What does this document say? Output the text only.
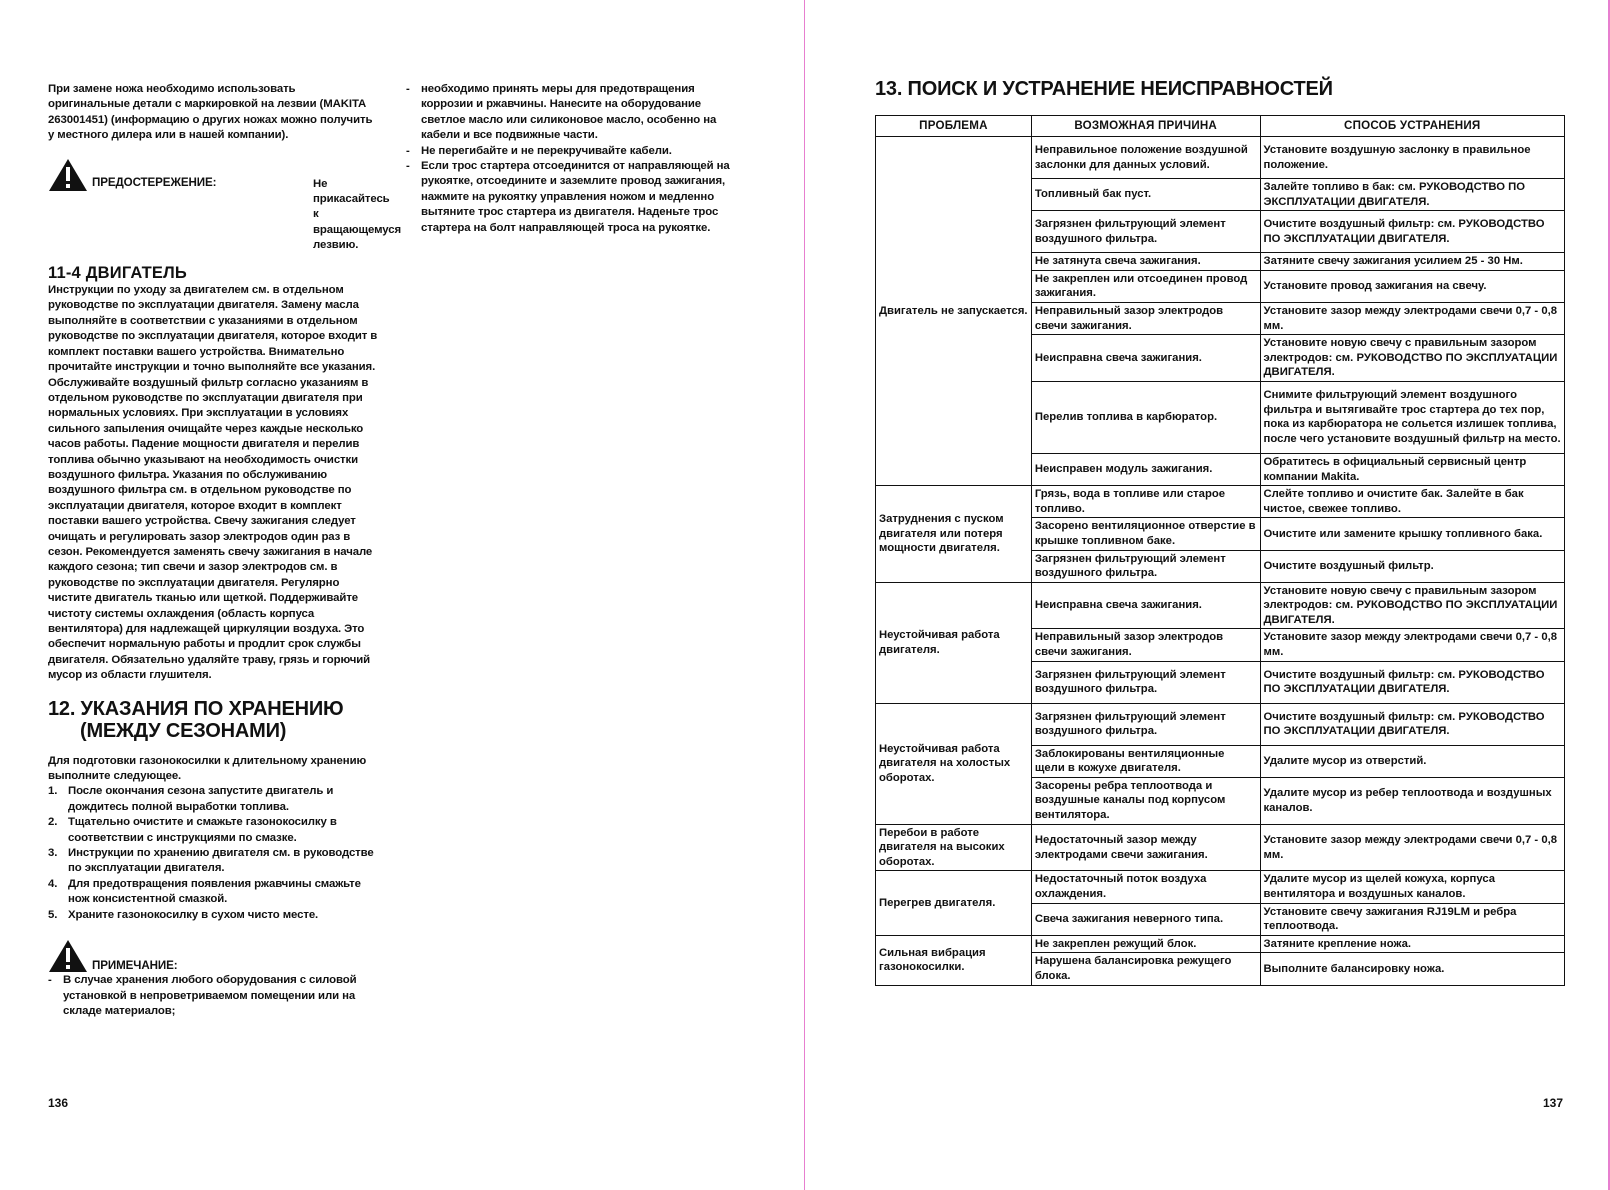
При замене ножа необходимо использовать оригинальные детали с маркировкой на лезвии (MAKITA 263001451) (информацию о других ножах можно получить у местного дилера или в нашей компании).

ПРЕДОСТЕРЕЖЕНИЕ:	Не прикасайтесь к вращающемуся лезвию.

11-4 ДВИГАТЕЛЬ

Инструкции по уходу за двигателем см. в отдельном руководстве по эксплуатации двигателя. Замену масла выполняйте в соответствии с указаниями в отдельном руководстве по эксплуатации двигателя, которое входит в комплект поставки вашего устройства. Внимательно прочитайте инструкции и точно выполняйте все указания. Обслуживайте воздушный фильтр согласно указаниям в отдельном руководстве по эксплуатации двигателя при нормальных условиях. При эксплуатации в условиях сильного запыления очищайте через каждые несколько часов работы. Падение мощности двигателя и перелив топлива обычно указывают на необходимость очистки воздушного фильтра. Указания по обслуживанию воздушного фильтра см. в отдельном руководстве по эксплуатации двигателя, которое входит в комплект поставки вашего устройства. Свечу зажигания следует очищать и регулировать зазор электродов один раз в сезон. Рекомендуется заменять свечу зажигания в начале каждого сезона; тип свечи и зазор электродов см. в руководстве по эксплуатации двигателя. Регулярно чистите двигатель тканью или щеткой. Поддерживайте чистоту системы охлаждения (область корпуса вентилятора) для надлежащей циркуляции воздуха. Это обеспечит нормальную работы и продлит срок службы двигателя. Обязательно удаляйте траву, грязь и горючий мусор из области глушителя.

12. УКАЗАНИЯ ПО ХРАНЕНИЮ
(МЕЖДУ СЕЗОНАМИ)

Для подготовки газонокосилки к длительному хранению выполните следующее.

1. После окончания сезона запустите двигатель и дождитесь полной выработки топлива.
2. Тщательно очистите и смажьте газонокосилку в соответствии с инструкциями по смазке.
3. Инструкции по хранению двигателя см. в руководстве по эксплуатации двигателя.
4. Для предотвращения появления ржавчины смажьте нож консистентной смазкой.
5. Храните газонокосилку в сухом чисто месте.
ПРИМЕЧАНИЕ:
- В случае хранения любого оборудования с силовой установкой в непроветриваемом помещении или на складе материалов;
- необходимо принять меры для предотвращения коррозии и ржавчины. Нанесите на оборудование светлое масло или силиконовое масло, особенно на кабели и все подвижные части.
- Не перегибайте и не перекручивайте кабели.
- Если трос стартера отсоединится от направляющей на рукоятке, отсоедините и заземлите провод зажигания, нажмите на рукоятку управления ножом и медленно вытяните трос стартера из двигателя. Наденьте трос стартера на болт направляющей троса на рукоятке.
136
13. ПОИСК И УСТРАНЕНИЕ НЕИСПРАВНОСТЕЙ
ПРОБЛЕМА	ВОЗМОЖНАЯ ПРИЧИНА	СПОСОБ УСТРАНЕНИЯ
Двигатель не запускается.	Неправильное положение воздушной заслонки для данных условий.	Установите воздушную заслонку в правильное положение.
	Топливный бак пуст.	Залейте топливо в бак: см. РУКОВОДСТВО ПО ЭКСПЛУАТАЦИИ ДВИГАТЕЛЯ.
	Загрязнен фильтрующий элемент воздушного фильтра.	Очистите воздушный фильтр: см. РУКОВОДСТВО ПО ЭКСПЛУАТАЦИИ ДВИГАТЕЛЯ.
	Не затянута свеча зажигания.	Затяните свечу зажигания усилием 25 - 30 Нм.
	Не закреплен или отсоединен провод зажигания.	Установите провод зажигания на свечу.
	Неправильный зазор электродов свечи зажигания.	Установите зазор между электродами свечи 0,7 - 0,8 мм.
	Неисправна свеча зажигания.	Установите новую свечу с правильным зазором электродов: см. РУКОВОДСТВО ПО ЭКСПЛУАТАЦИИ ДВИГАТЕЛЯ.
	Перелив топлива в карбюратор.	Снимите фильтрующий элемент воздушного фильтра и вытягивайте трос стартера до тех пор, пока из карбюратора не сольется излишек топлива, после чего установите воздушный фильтр на место.
	Неисправен модуль зажигания.	Обратитесь в официальный сервисный центр компании Makita.
Затруднения с пуском двигателя или потеря мощности двигателя.	Грязь, вода в топливе или старое топливо.	Слейте топливо и очистите бак. Залейте в бак чистое, свежее топливо.
	Засорено вентиляционное отверстие в крышке топливном баке.	Очистите или замените крышку топливного бака.
	Загрязнен фильтрующий элемент воздушного фильтра.	Очистите воздушный фильтр.
Неустойчивая работа двигателя.	Неисправна свеча зажигания.	Установите новую свечу с правильным зазором электродов: см. РУКОВОДСТВО ПО ЭКСПЛУАТАЦИИ ДВИГАТЕЛЯ.
	Неправильный зазор электродов свечи зажигания.	Установите зазор между электродами свечи 0,7 - 0,8 мм.
	Загрязнен фильтрующий элемент воздушного фильтра.	Очистите воздушный фильтр: см. РУКОВОДСТВО ПО ЭКСПЛУАТАЦИИ ДВИГАТЕЛЯ.
Неустойчивая работа двигателя на холостых оборотах.	Загрязнен фильтрующий элемент воздушного фильтра.	Очистите воздушный фильтр: см. РУКОВОДСТВО ПО ЭКСПЛУАТАЦИИ ДВИГАТЕЛЯ.
	Заблокированы вентиляционные щели в кожухе двигателя.	Удалите мусор из отверстий.
	Засорены ребра теплоотвода и воздушные каналы под корпусом вентилятора.	Удалите мусор из ребер теплоотвода и воздушных каналов.
Перебои в работе двигателя на высоких оборотах.	Недостаточный зазор между электродами свечи зажигания.	Установите зазор между электродами свечи 0,7 - 0,8 мм.
Перегрев двигателя.	Недостаточный поток воздуха охлаждения.	Удалите мусор из щелей кожуха, корпуса вентилятора и воздушных каналов.
	Свеча зажигания неверного типа.	Установите свечу зажигания RJ19LM и ребра теплоотвода.
Сильная вибрация газонокосилки.	Не закреплен режущий блок.	Затяните крепление ножа.
	Нарушена балансировка режущего блока.	Выполните балансировку ножа.
137
